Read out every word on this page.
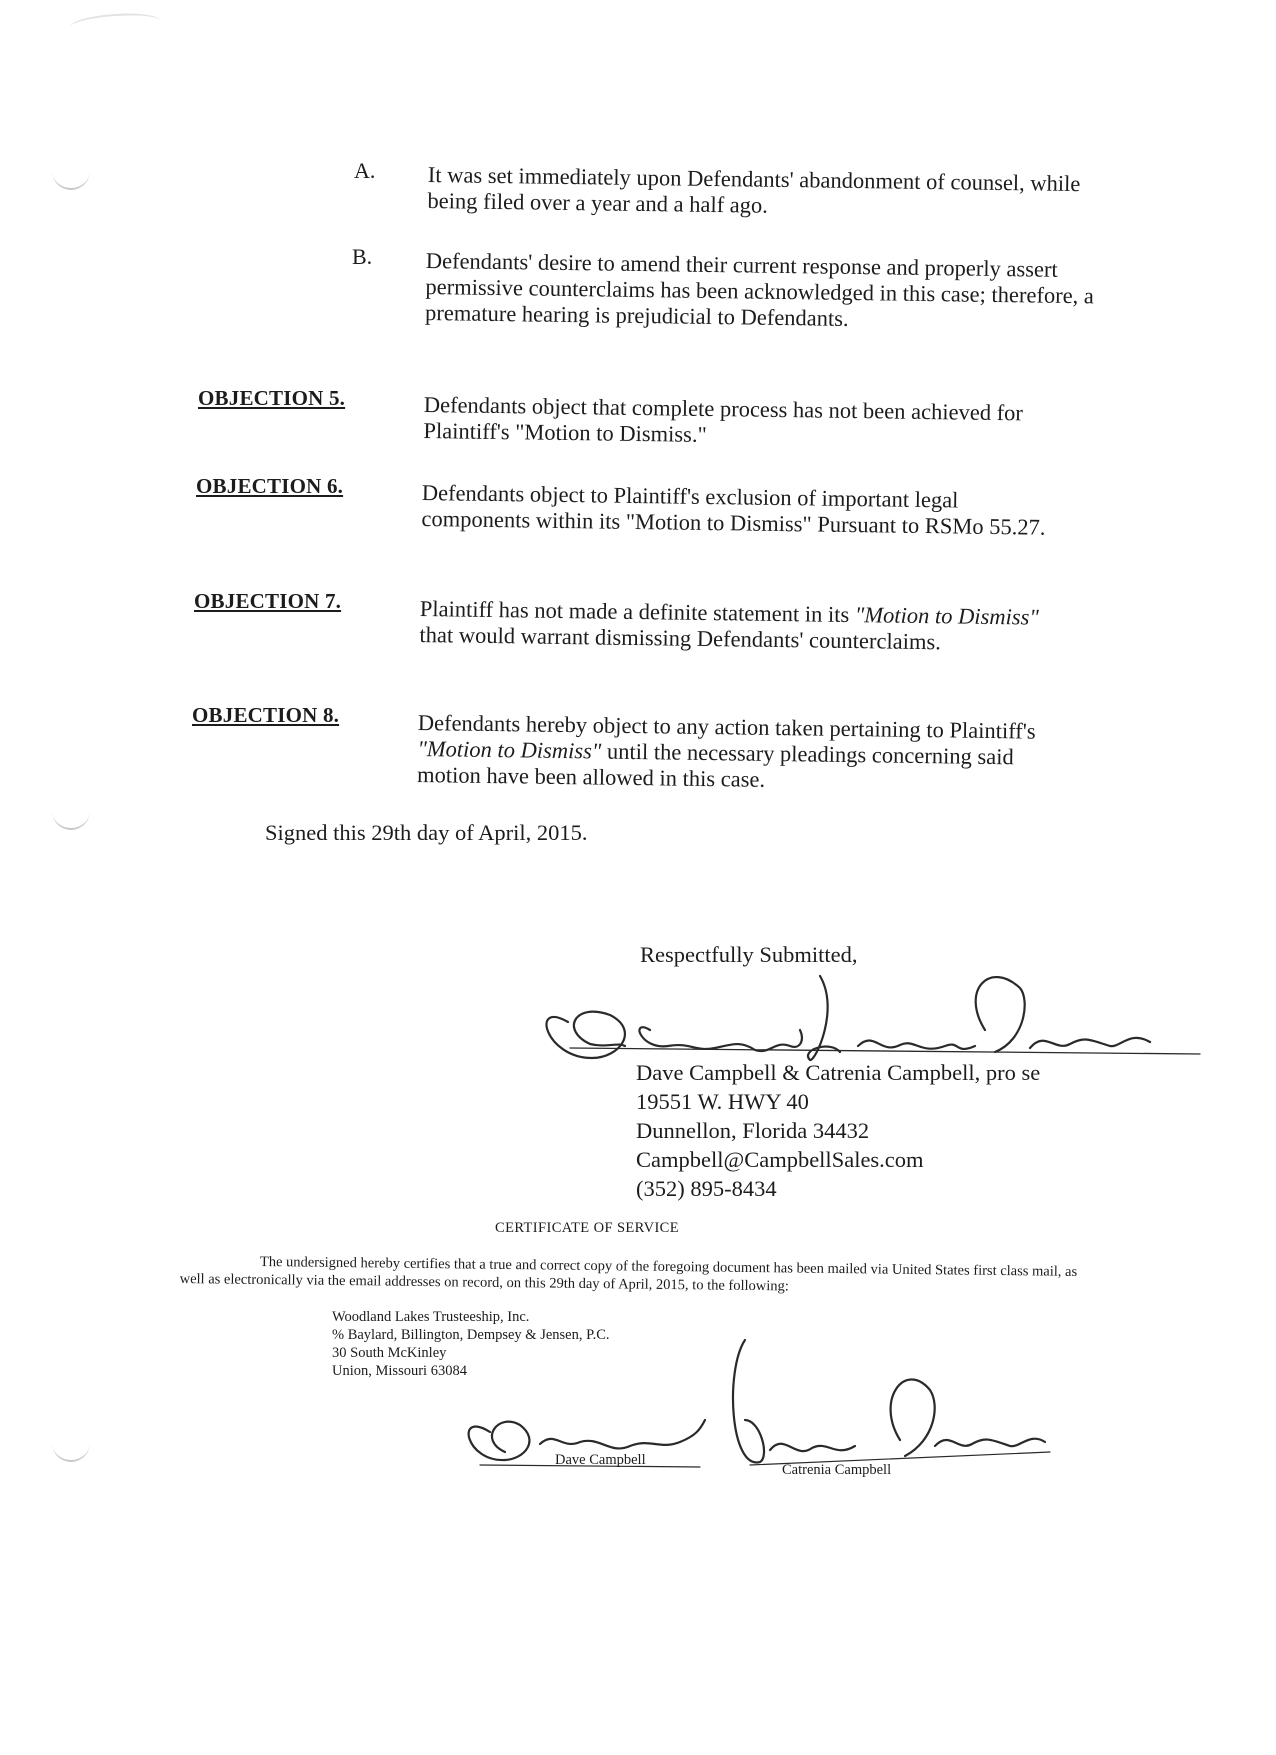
A. It was set immediately upon Defendants' abandonment of counsel, while being filed over a year and a half ago.
B. Defendants' desire to amend their current response and properly assert permissive counterclaims has been acknowledged in this case; therefore, a premature hearing is prejudicial to Defendants.
OBJECTION 5.	Defendants object that complete process has not been achieved for Plaintiff's "Motion to Dismiss."
OBJECTION 6.	Defendants object to Plaintiff's exclusion of important legal components within its "Motion to Dismiss" Pursuant to RSMo 55.27.
OBJECTION 7.	Plaintiff has not made a definite statement in its "Motion to Dismiss" that would warrant dismissing Defendants' counterclaims.
OBJECTION 8.	Defendants hereby object to any action taken pertaining to Plaintiff's "Motion to Dismiss" until the necessary pleadings concerning said motion have been allowed in this case.
Signed this 29th day of April, 2015.
Respectfully Submitted,
Dave Campbell & Catrenia Campbell, pro se
19551 W. HWY 40
Dunnellon, Florida 34432
Campbell@CampbellSales.com
(352) 895-8434
CERTIFICATE OF SERVICE
The undersigned hereby certifies that a true and correct copy of the foregoing document has been mailed via United States first class mail, as well as electronically via the email addresses on record, on this 29th day of April, 2015, to the following:
Woodland Lakes Trusteeship, Inc.
% Baylard, Billington, Dempsey & Jensen, P.C.
30 South McKinley
Union, Missouri 63084
Dave Campbell
Catrenia Campbell
